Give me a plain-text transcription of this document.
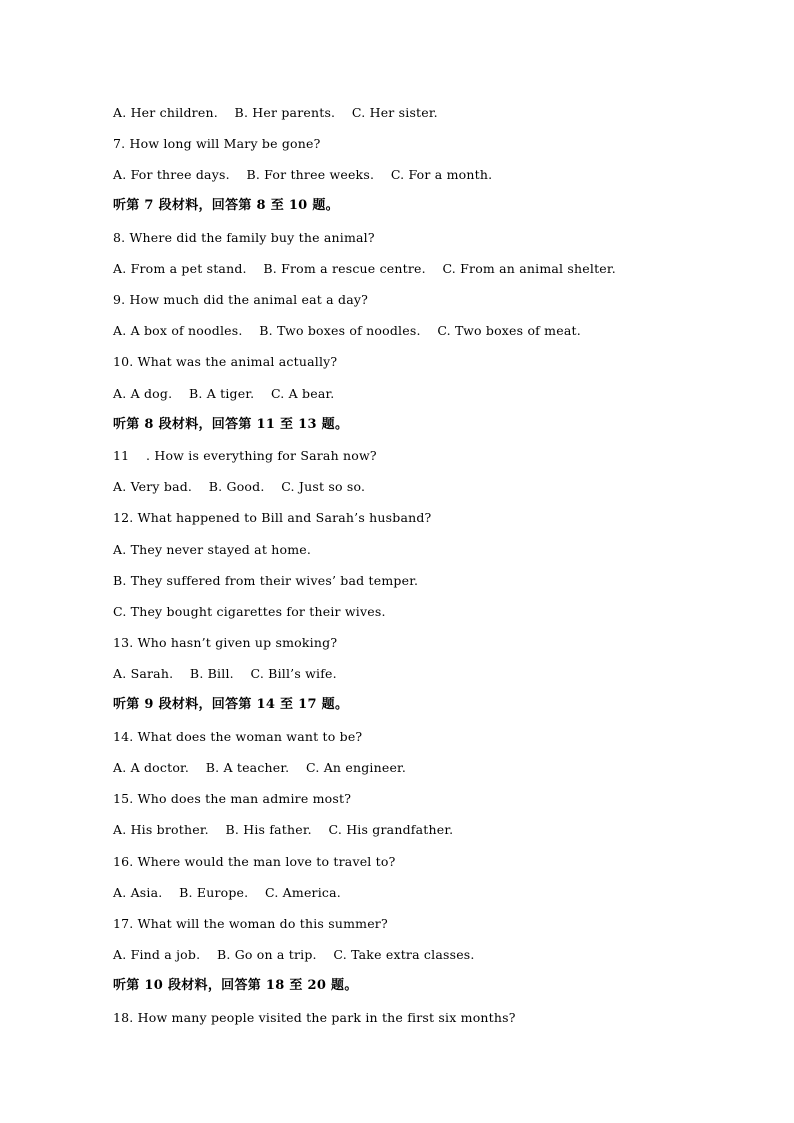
A. Her children.    B. Her parents.    C. Her sister.
7. How long will Mary be gone?
A. For three days.    B. For three weeks.    C. For a month.
听第 7 段材料，回答第 8 至 10 题。
8. Where did the family buy the animal?
A. From a pet stand.    B. From a rescue centre.    C. From an animal shelter.
9. How much did the animal eat a day?
A. A box of noodles.    B. Two boxes of noodles.    C. Two boxes of meat.
10. What was the animal actually?
A. A dog.    B. A tiger.    C. A bear.
听第 8 段材料，回答第 11 至 13 题。
11    . How is everything for Sarah now?
A. Very bad.    B. Good.    C. Just so so.
12. What happened to Bill and Sarah’s husband?
A. They never stayed at home.
B. They suffered from their wives’ bad temper.
C. They bought cigarettes for their wives.
13. Who hasn’t given up smoking?
A. Sarah.    B. Bill.    C. Bill’s wife.
听第 9 段材料，回答第 14 至 17 题。
14. What does the woman want to be?
A. A doctor.    B. A teacher.    C. An engineer.
15. Who does the man admire most?
A. His brother.    B. His father.    C. His grandfather.
16. Where would the man love to travel to?
A. Asia.    B. Europe.    C. America.
17. What will the woman do this summer?
A. Find a job.    B. Go on a trip.    C. Take extra classes.
听第 10 段材料，回答第 18 至 20 题。
18. How many people visited the park in the first six months?
